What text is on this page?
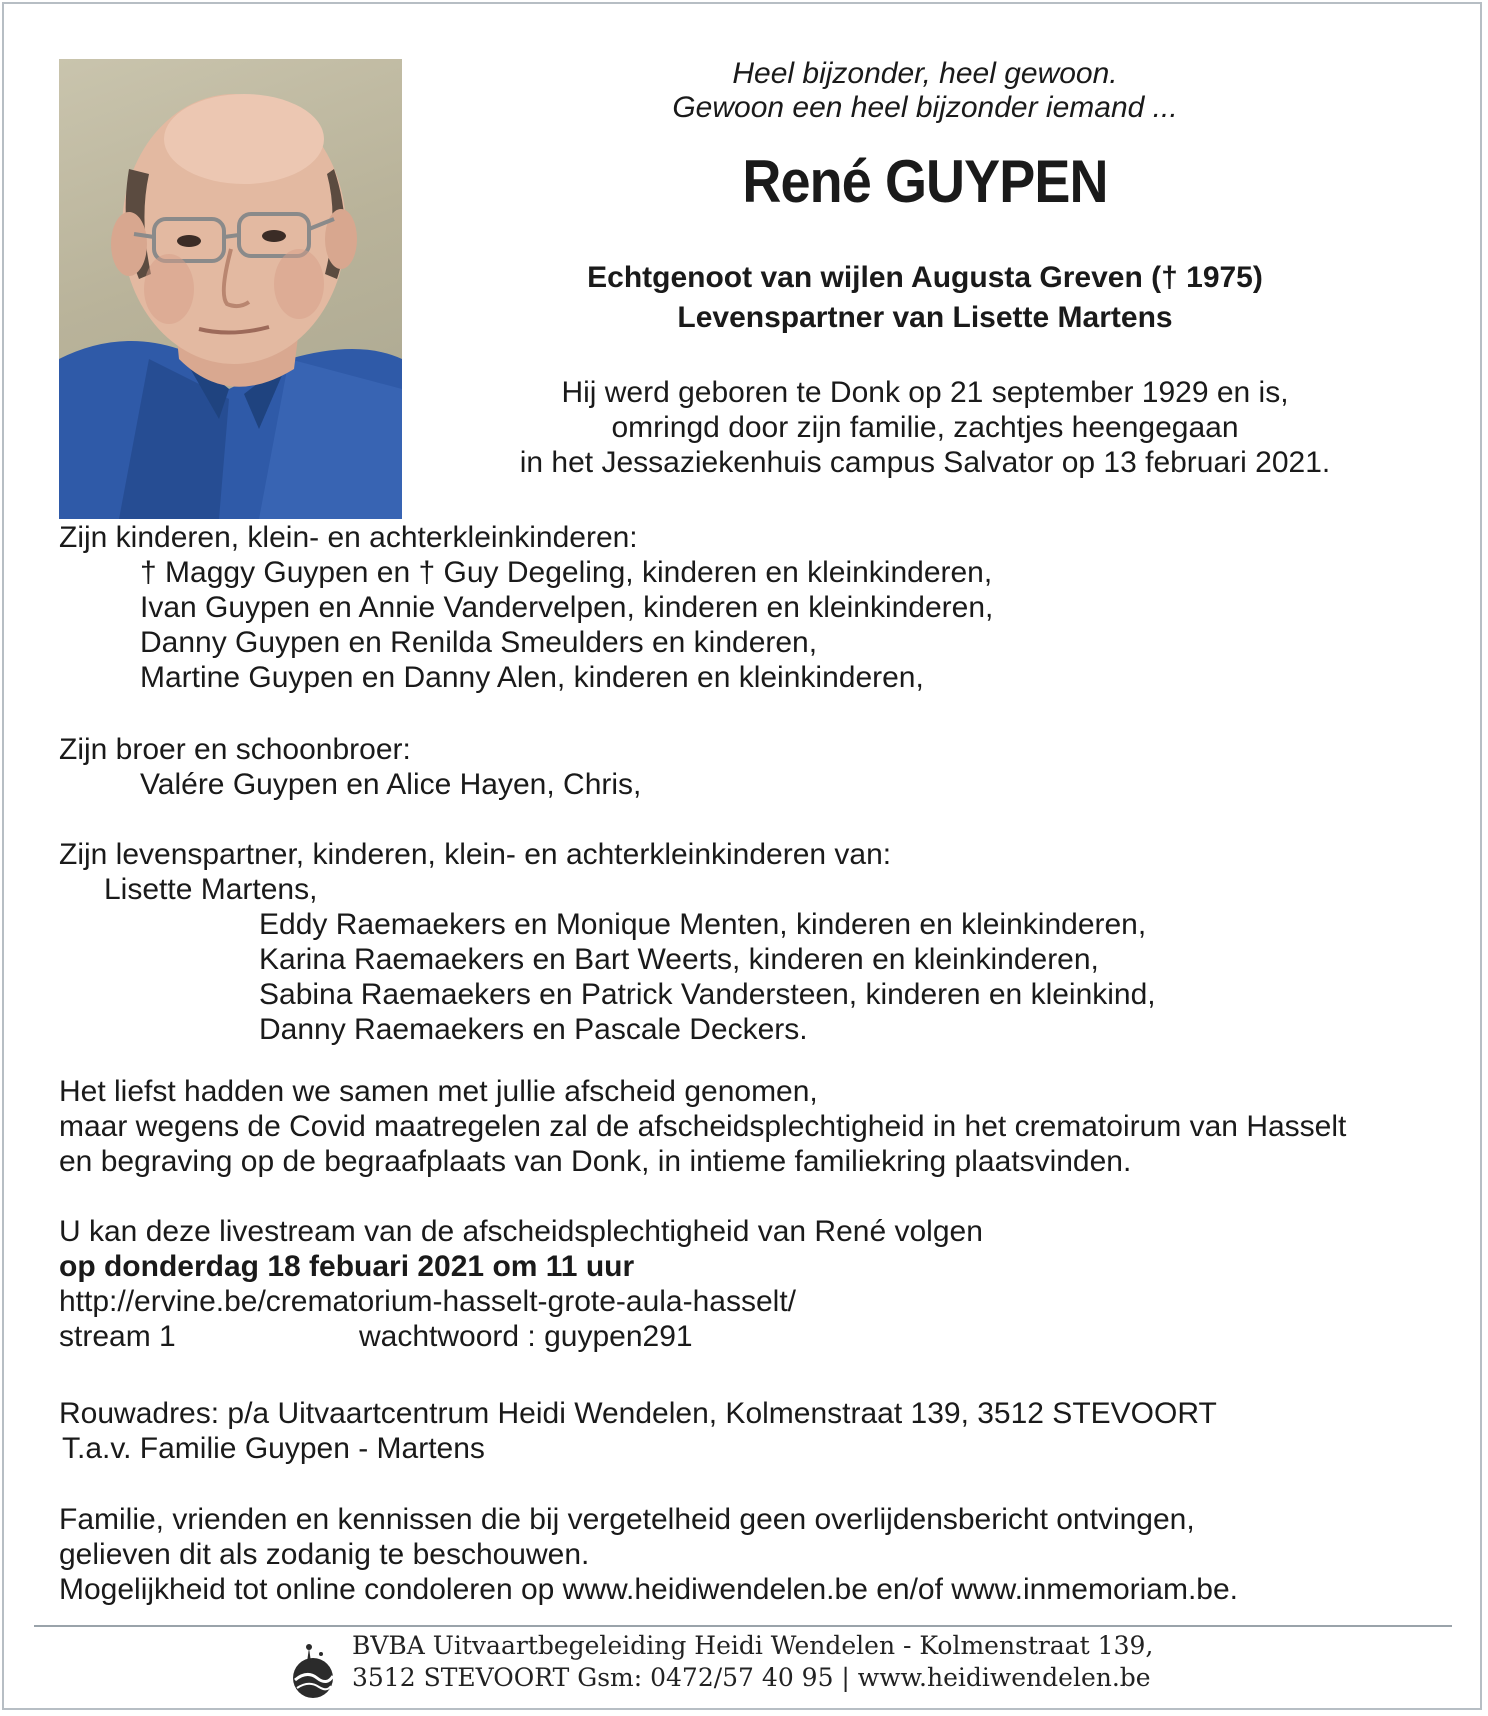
Heel bijzonder, heel gewoon.
Gewoon een heel bijzonder iemand ...
René GUYPEN
Echtgenoot van wijlen Augusta Greven († 1975)
Levenspartner van Lisette Martens
Hij werd geboren te Donk op 21 september 1929 en is,
omringd door zijn familie, zachtjes heengegaan
in het Jessaziekenhuis campus Salvator op 13 februari 2021.
Zijn kinderen, klein- en achterkleinkinderen:
† Maggy Guypen en † Guy Degeling, kinderen en kleinkinderen,
Ivan Guypen en Annie Vandervelpen, kinderen en kleinkinderen,
Danny Guypen en Renilda Smeulders en kinderen,
Martine Guypen en Danny Alen, kinderen en kleinkinderen,
Zijn broer en schoonbroer:
Valére Guypen en Alice Hayen, Chris,
Zijn levenspartner, kinderen, klein- en achterkleinkinderen van:
Lisette Martens,
Eddy Raemaekers en Monique Menten, kinderen en kleinkinderen,
Karina Raemaekers en Bart Weerts, kinderen en kleinkinderen,
Sabina Raemaekers en Patrick Vandersteen, kinderen en kleinkind,
Danny Raemaekers en Pascale Deckers.
Het liefst hadden we samen met jullie afscheid genomen,
maar wegens de Covid maatregelen zal de afscheidsplechtigheid in het crematoirum van Hasselt
en begraving op de begraafplaats van Donk, in intieme familiekring plaatsvinden.
U kan deze livestream van de afscheidsplechtigheid van René volgen
op donderdag 18 febuari 2021 om 11 uur
http://ervine.be/crematorium-hasselt-grote-aula-hasselt/
stream 1	wachtwoord : guypen291
Rouwadres: p/a Uitvaartcentrum Heidi Wendelen, Kolmenstraat 139, 3512 STEVOORT
T.a.v. Familie Guypen - Martens
Familie, vrienden en kennissen die bij vergetelheid geen overlijdensbericht ontvingen,
gelieven dit als zodanig te beschouwen.
Mogelijkheid tot online condoleren op www.heidiwendelen.be en/of www.inmemoriam.be.
BVBA Uitvaartbegeleiding Heidi Wendelen - Kolmenstraat 139,
3512 STEVOORT Gsm: 0472/57 40 95 | www.heidiwendelen.be
